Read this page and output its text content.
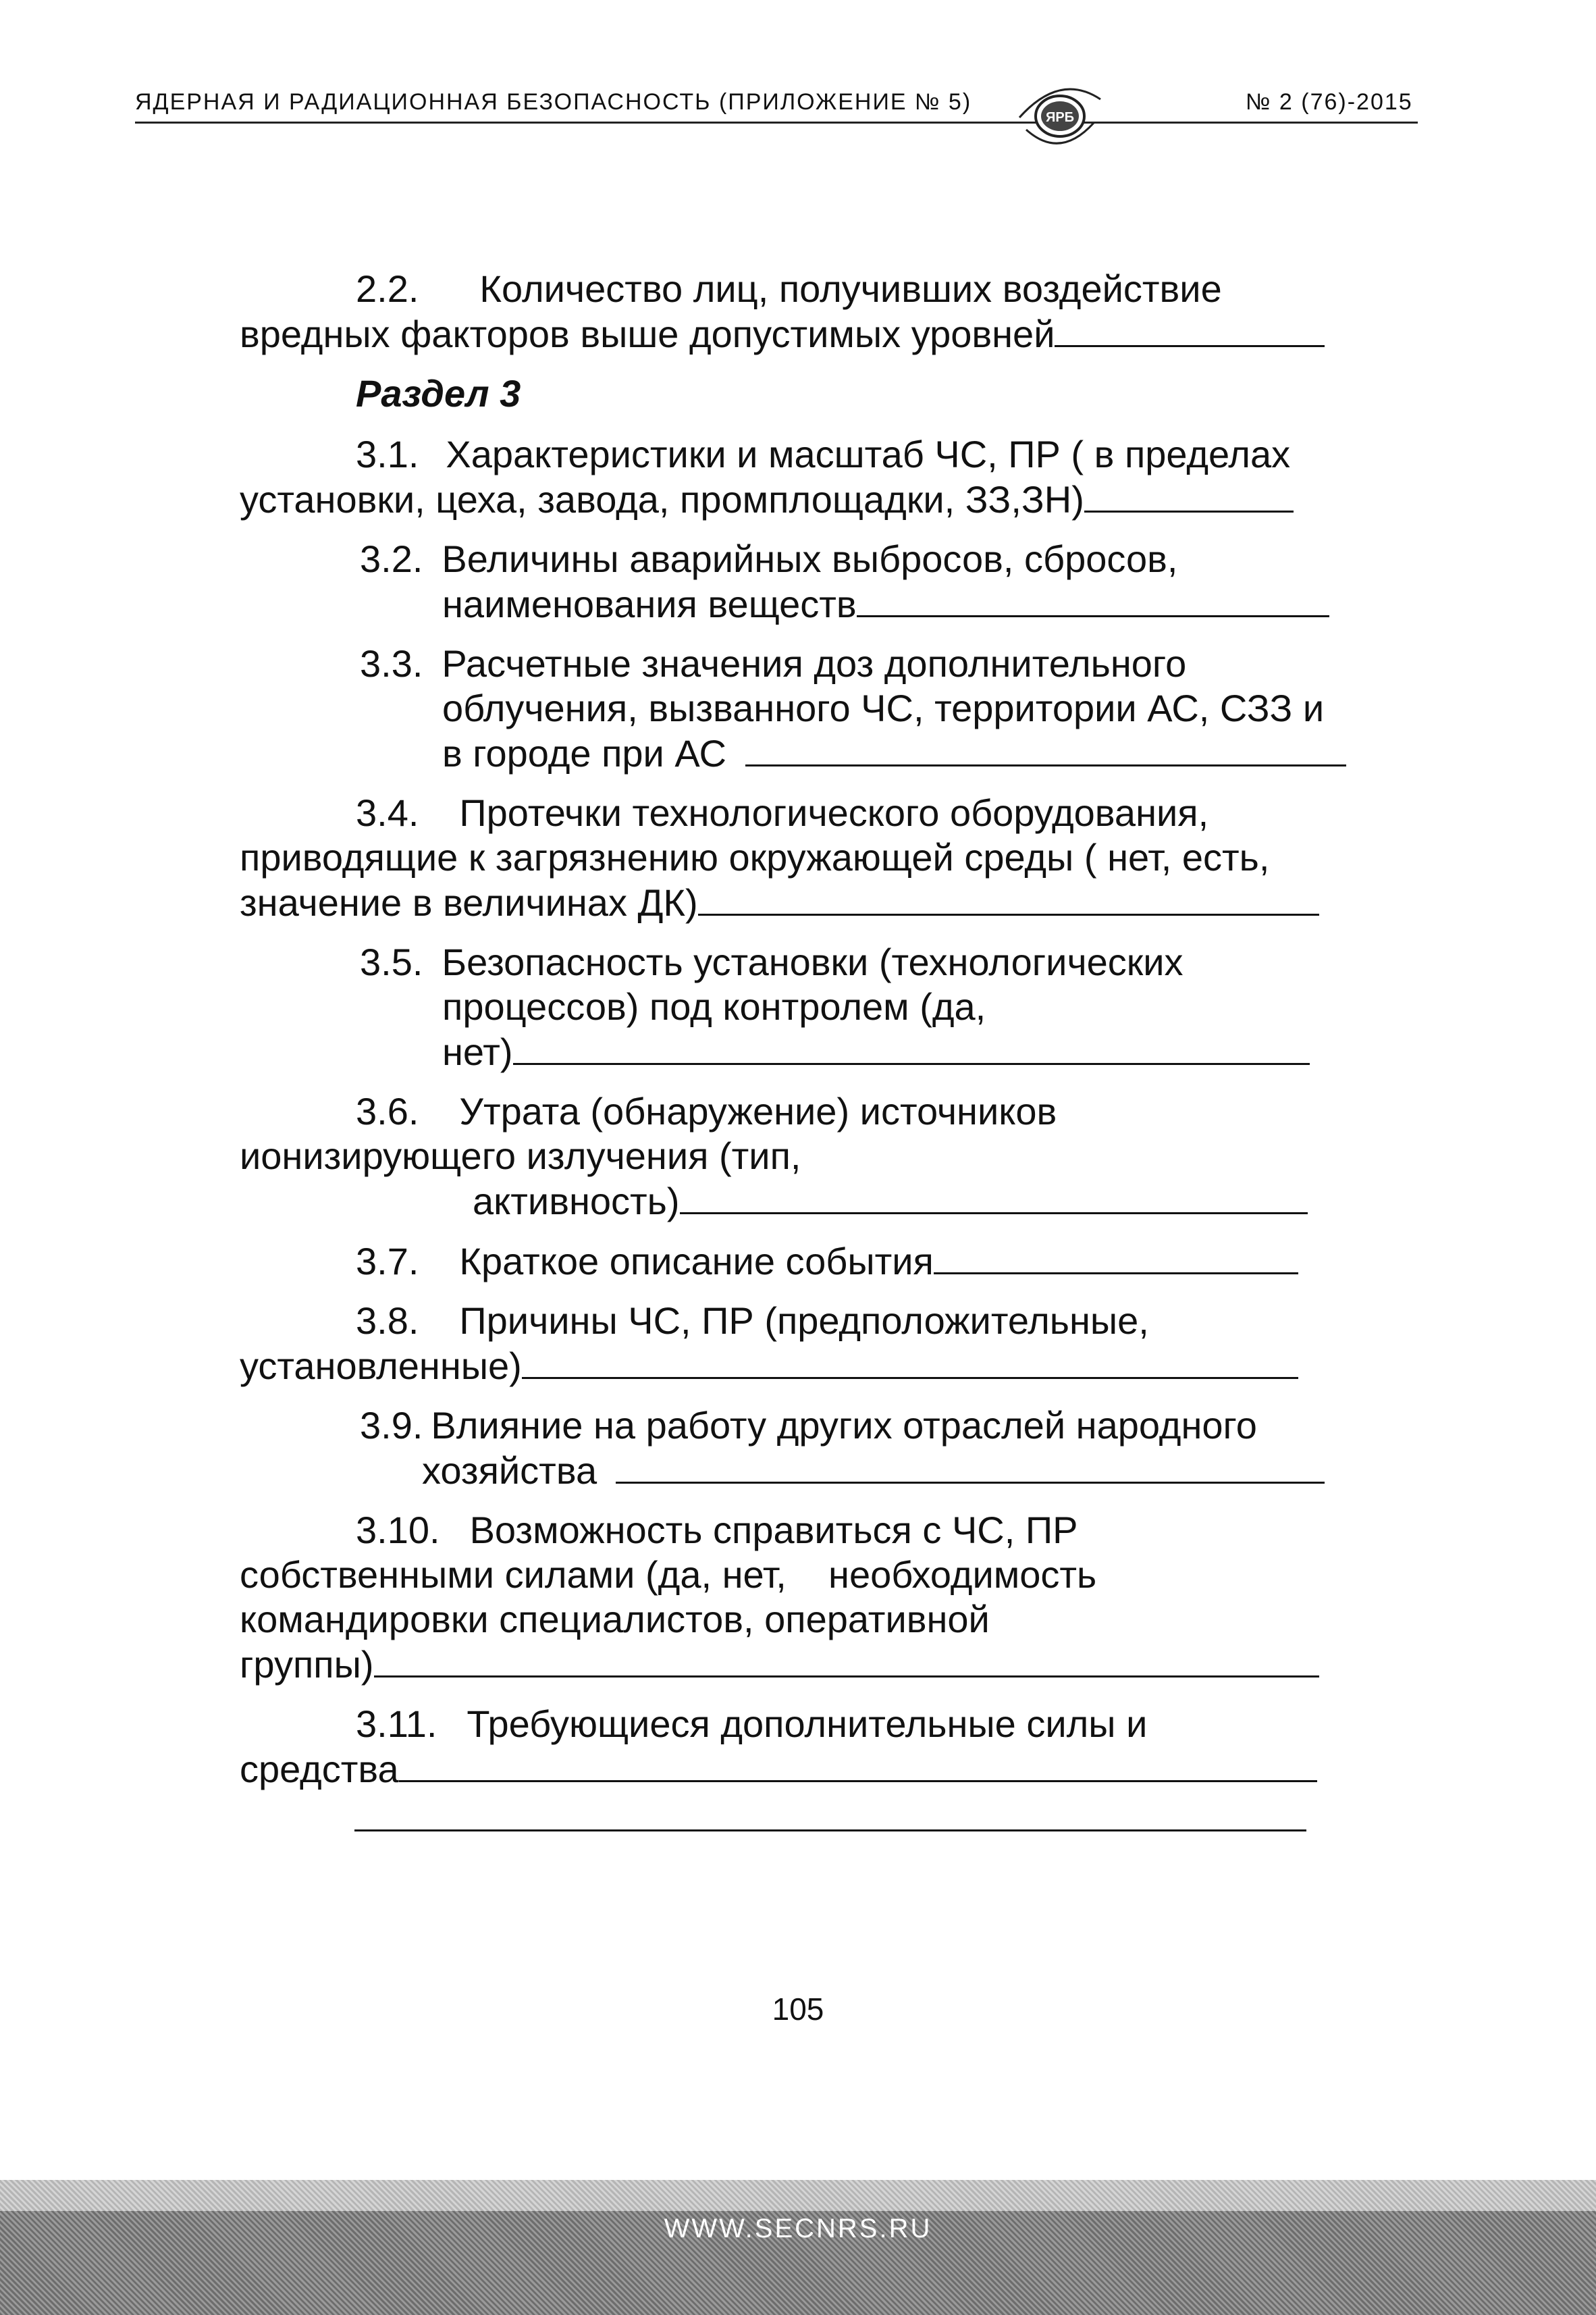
ЯДЕРНАЯ И РАДИАЦИОННАЯ БЕЗОПАСНОСТЬ (ПРИЛОЖЕНИЕ № 5)	№ 2 (76)-2015
ЯРБ
2.2. Количество лиц, получивших воздействие
вредных факторов выше допустимых уровней
Раздел 3
3.1. Характеристики и масштаб ЧС, ПР ( в пределах
установки, цеха, завода, промплощадки, ЗЗ,ЗН)
3.2. Величины аварийных выбросов, сбросов,
наименования веществ
3.3. Расчетные значения доз дополнительного
облучения, вызванного ЧС, территории АС, СЗЗ и
в городе при АС
3.4. Протечки технологического оборудования,
приводящие к загрязнению окружающей среды ( нет, есть,
значение в величинах ДК)
3.5. Безопасность установки (технологических
процессов) под контролем (да,
нет)
3.6. Утрата (обнаружение) источников
ионизирующего излучения (тип,
активность)
3.7. Краткое описание события
3.8. Причины ЧС, ПР (предположительные,
установленные)
3.9. Влияние на работу других отраслей народного
хозяйства
3.10. Возможность справиться с ЧС, ПР
собственными силами (да, нет,    необходимость
командировки специалистов, оперативной
группы)
3.11. Требующиеся дополнительные силы и
средства
105
WWW.SECNRS.RU
